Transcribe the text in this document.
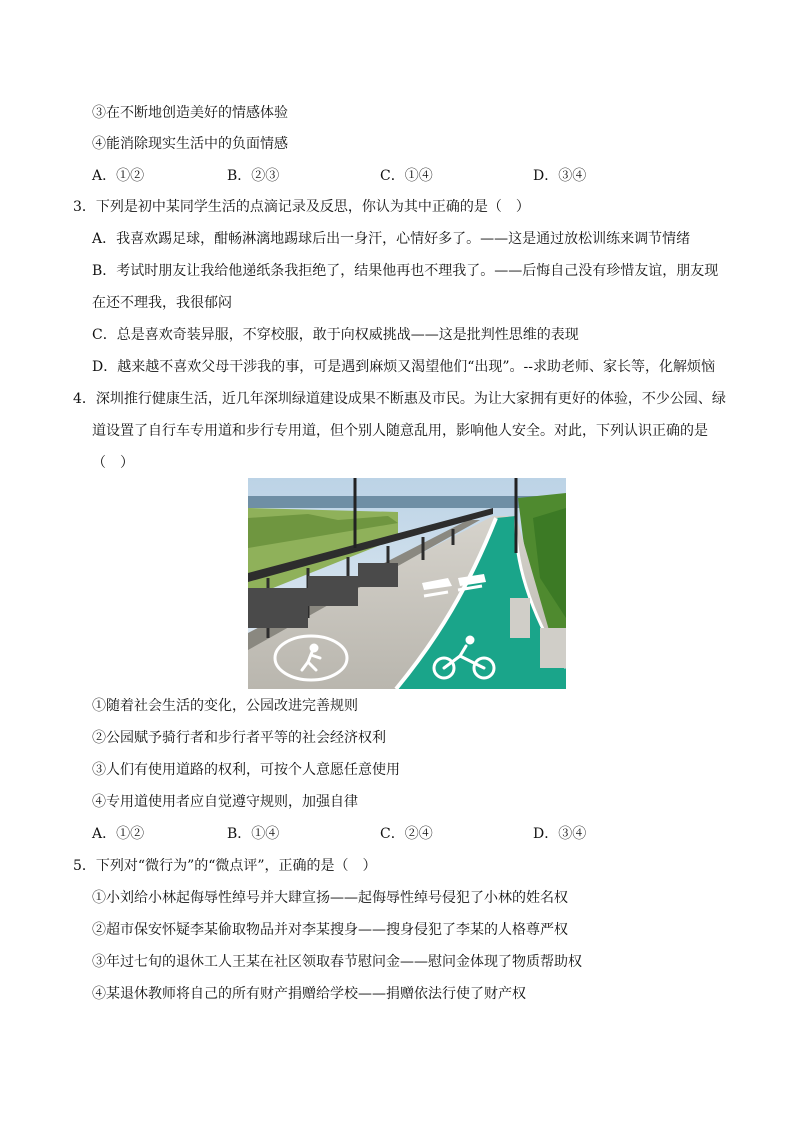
③在不断地创造美好的情感体验
④能消除现实生活中的负面情感
A．①②	B．②③	C．①④	D．③④
3．下列是初中某同学生活的点滴记录及反思，你认为其中正确的是（　）
A．我喜欢踢足球，酣畅淋漓地踢球后出一身汗，心情好多了。——这是通过放松训练来调节情绪
B．考试时朋友让我给他递纸条我拒绝了，结果他再也不理我了。——后悔自己没有珍惜友谊，朋友现
在还不理我，我很郁闷
C．总是喜欢奇装异服，不穿校服，敢于向权威挑战——这是批判性思维的表现
D．越来越不喜欢父母干涉我的事，可是遇到麻烦又渴望他们“出现”。--求助老师、家长等，化解烦恼
4．深圳推行健康生活，近几年深圳绿道建设成果不断惠及市民。为让大家拥有更好的体验，不少公园、绿
道设置了自行车专用道和步行专用道，但个别人随意乱用，影响他人安全。对此，下列认识正确的是
（　）
①随着社会生活的变化，公园改进完善规则
②公园赋予骑行者和步行者平等的社会经济权利
③人们有使用道路的权利，可按个人意愿任意使用
④专用道使用者应自觉遵守规则，加强自律
A．①②	B．①④	C．②④	D．③④
5．下列对“微行为”的“微点评”，正确的是（　）
①小刘给小林起侮辱性绰号并大肆宣扬——起侮辱性绰号侵犯了小林的姓名权
②超市保安怀疑李某偷取物品并对李某搜身——搜身侵犯了李某的人格尊严权
③年过七旬的退休工人王某在社区领取春节慰问金——慰问金体现了物质帮助权
④某退休教师将自己的所有财产捐赠给学校——捐赠依法行使了财产权
